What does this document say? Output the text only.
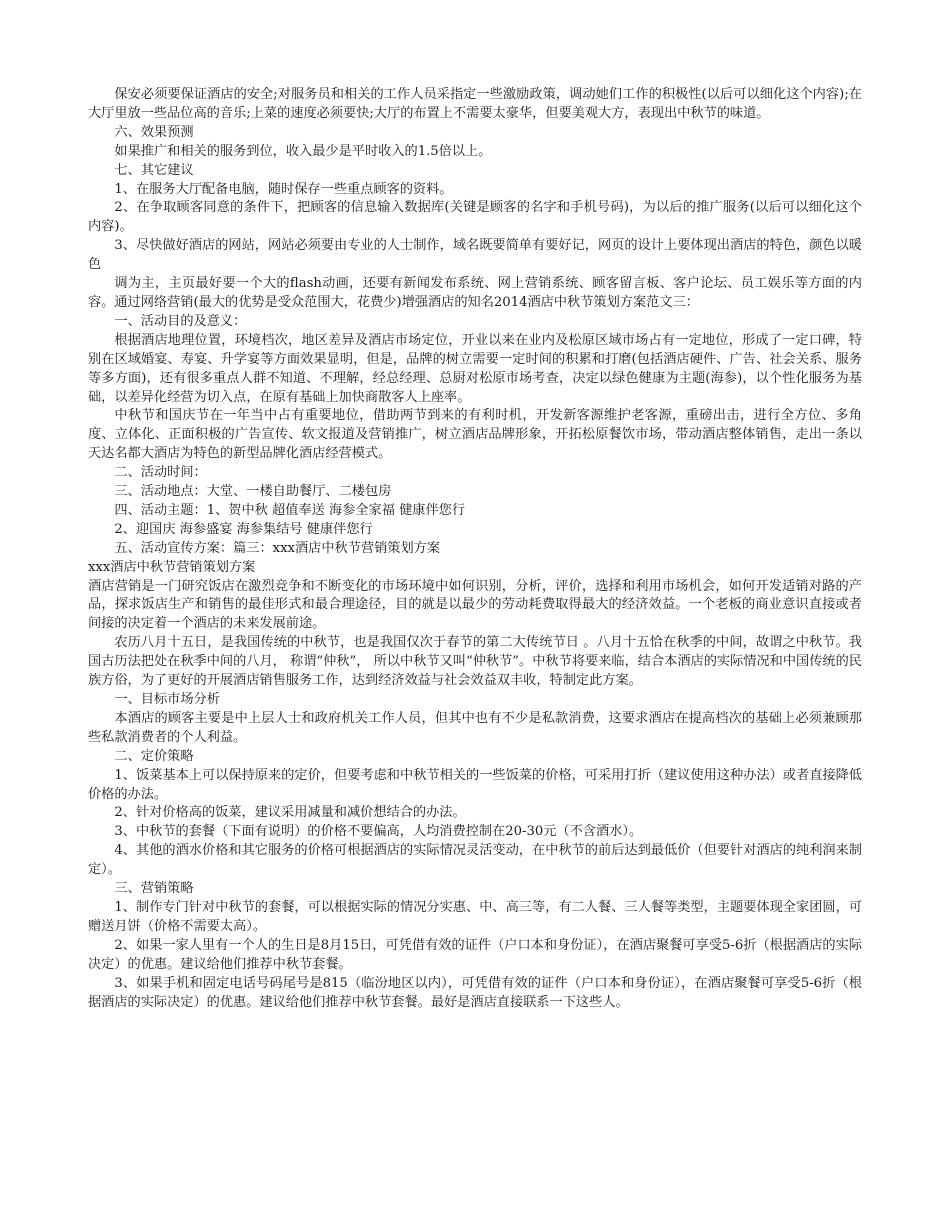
保安必须要保证酒店的安全;对服务员和相关的工作人员采指定一些激励政策，调动她们工作的积极性(以后可以细化这个内容);在大厅里放一些品位高的音乐;上菜的速度必须要快;大厅的布置上不需要太豪华，但要美观大方，表现出中秋节的味道。

六、效果预测

如果推广和相关的服务到位，收入最少是平时收入的1.5倍以上。

七、其它建议

1、在服务大厅配备电脑，随时保存一些重点顾客的资料。

2、在争取顾客同意的条件下，把顾客的信息输入数据库(关键是顾客的名字和手机号码)，为以后的推广服务(以后可以细化这个内容)。

3、尽快做好酒店的网站，网站必须要由专业的人士制作，域名既要简单有要好记，网页的设计上要体现出酒店的特色，颜色以暖色

调为主，主页最好要一个大的flash动画，还要有新闻发布系统、网上营销系统、顾客留言板、客户论坛、员工娱乐等方面的内容。通过网络营销(最大的优势是受众范围大，花费少)增强酒店的知名2014酒店中秋节策划方案范文三：

一、活动目的及意义：

根据酒店地理位置，环境档次，地区差异及酒店市场定位，开业以来在业内及松原区域市场占有一定地位，形成了一定口碑，特别在区域婚宴、寿宴、升学宴等方面效果显明，但是，品牌的树立需要一定时间的积累和打磨(包括酒店硬件、广告、社会关系、服务等多方面)，还有很多重点人群不知道、不理解，经总经理、总厨对松原市场考查，决定以绿色健康为主题(海参)，以个性化服务为基础，以差异化经营为切入点，在原有基础上加快商散客人上座率。

中秋节和国庆节在一年当中占有重要地位，借助两节到来的有利时机，开发新客源维护老客源，重磅出击，进行全方位、多角度、立体化、正面积极的广告宣传、软文报道及营销推广，树立酒店品牌形象，开拓松原餐饮市场，带动酒店整体销售，走出一条以天达名都大酒店为特色的新型品牌化酒店经营模式。

二、活动时间：

三、活动地点：大堂、一楼自助餐厅、二楼包房

四、活动主题：1、贺中秋 超值奉送 海参全家福 健康伴您行

2、迎国庆 海参盛宴 海参集结号 健康伴您行

五、活动宣传方案：篇三：xxx酒店中秋节营销策划方案

xxx酒店中秋节营销策划方案

酒店营销是一门研究饭店在激烈竞争和不断变化的市场环境中如何识别，分析，评价，选择和利用市场机会，如何开发适销对路的产品，探求饭店生产和销售的最佳形式和最合理途径，目的就是以最少的劳动耗费取得最大的经济效益。一个老板的商业意识直接或者间接的决定着一个酒店的未来发展前途。

农历八月十五日，是我国传统的中秋节，也是我国仅次于春节的第二大传统节日 。八月十五恰在秋季的中间，故谓之中秋节。我国古历法把处在秋季中间的八月， 称谓“仲秋”， 所以中秋节又叫“仲秋节”。中秋节将要来临，结合本酒店的实际情况和中国传统的民族方俗，为了更好的开展酒店销售服务工作，达到经济效益与社会效益双丰收，特制定此方案。

一、目标市场分析

本酒店的顾客主要是中上层人士和政府机关工作人员，但其中也有不少是私款消费，这要求酒店在提高档次的基础上必须兼顾那些私款消费者的个人利益。

二、定价策略

1、饭菜基本上可以保持原来的定价，但要考虑和中秋节相关的一些饭菜的价格，可采用打折（建议使用这种办法）或者直接降低价格的办法。

2、针对价格高的饭菜，建议采用减量和减价想结合的办法。

3、中秋节的套餐（下面有说明）的价格不要偏高，人均消费控制在20-30元（不含酒水）。

4、其他的酒水价格和其它服务的价格可根据酒店的实际情况灵活变动，在中秋节的前后达到最低价（但要针对酒店的纯利润来制定）。

三、营销策略

1、制作专门针对中秋节的套餐，可以根据实际的情况分实惠、中、高三等，有二人餐、三人餐等类型，主题要体现全家团圆，可赠送月饼（价格不需要太高）。

2、如果一家人里有一个人的生日是8月15日，可凭借有效的证件（户口本和身份证），在酒店聚餐可享受5-6折（根据酒店的实际决定）的优惠。建议给他们推荐中秋节套餐。

3、如果手机和固定电话号码尾号是815（临汾地区以内），可凭借有效的证件（户口本和身份证），在酒店聚餐可享受5-6折（根据酒店的实际决定）的优惠。建议给他们推荐中秋节套餐。最好是酒店直接联系一下这些人。
